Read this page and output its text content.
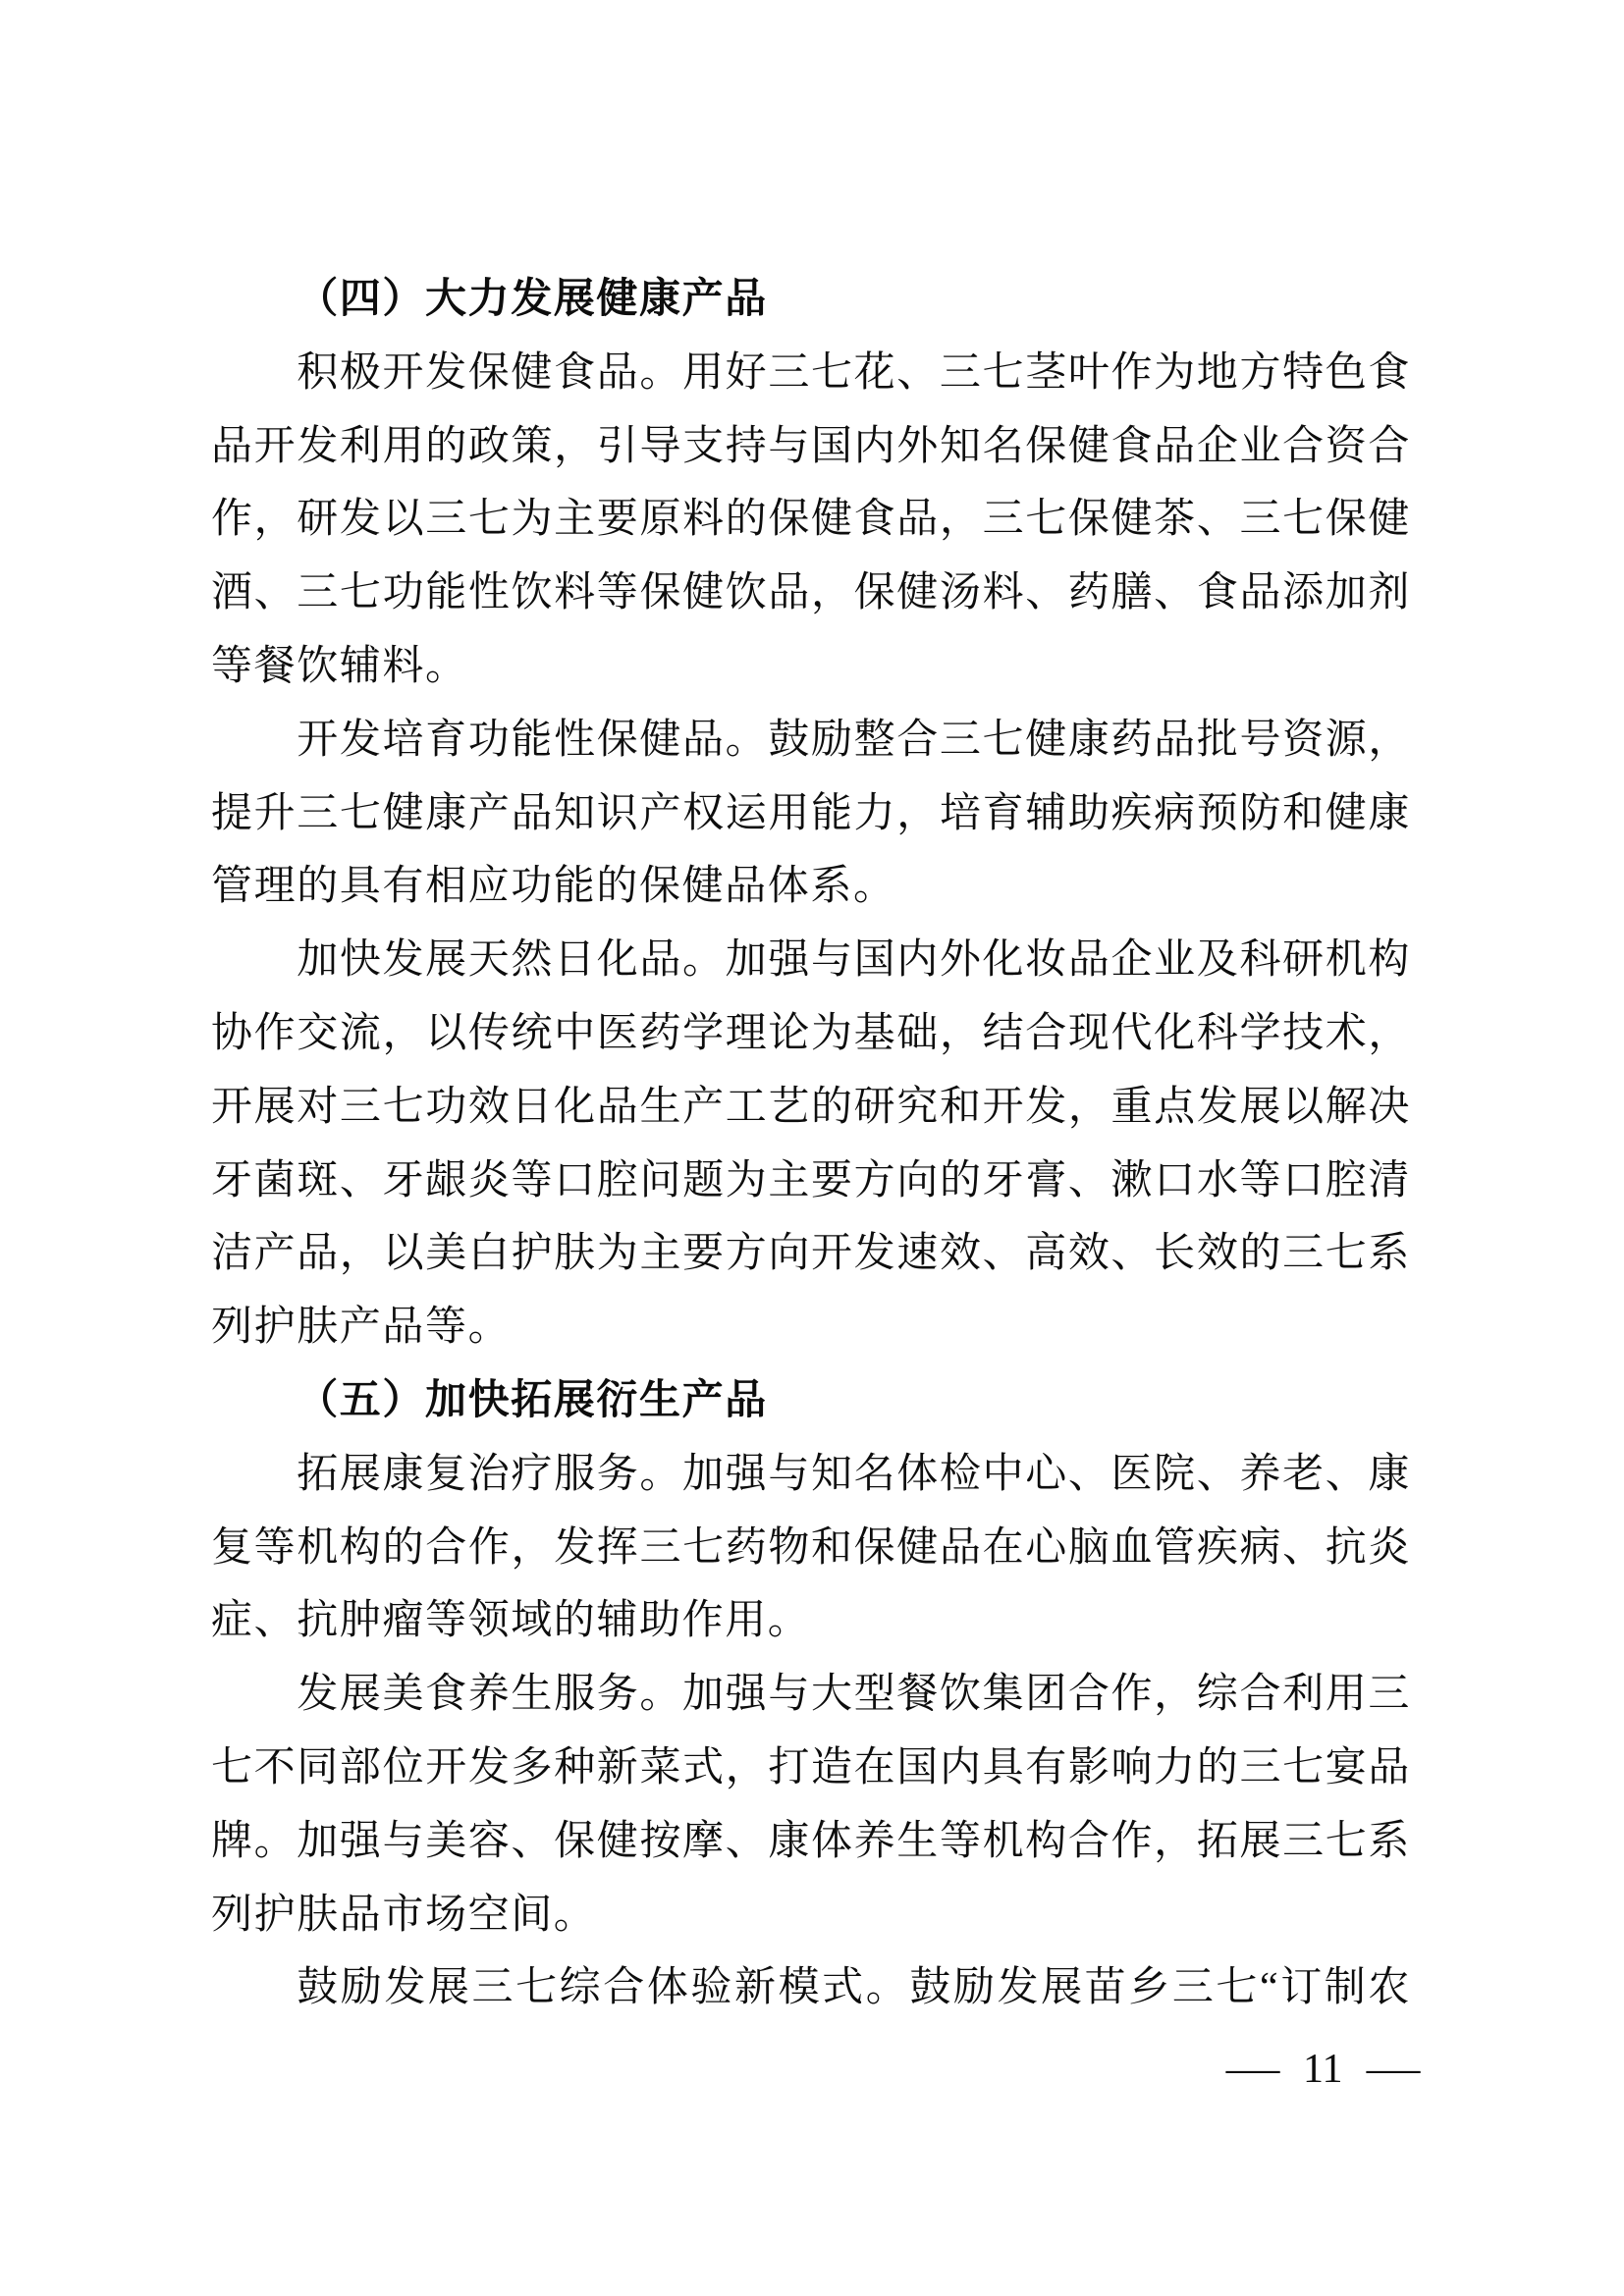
（四）大力发展健康产品
积极开发保健食品。用好三七花、三七茎叶作为地方特色食
品开发利用的政策，引导支持与国内外知名保健食品企业合资合
作，研发以三七为主要原料的保健食品，三七保健茶、三七保健
酒、三七功能性饮料等保健饮品，保健汤料、药膳、食品添加剂
等餐饮辅料。
开发培育功能性保健品。鼓励整合三七健康药品批号资源，
提升三七健康产品知识产权运用能力，培育辅助疾病预防和健康
管理的具有相应功能的保健品体系。
加快发展天然日化品。加强与国内外化妆品企业及科研机构
协作交流，以传统中医药学理论为基础，结合现代化科学技术，
开展对三七功效日化品生产工艺的研究和开发，重点发展以解决
牙菌斑、牙龈炎等口腔问题为主要方向的牙膏、漱口水等口腔清
洁产品，以美白护肤为主要方向开发速效、高效、长效的三七系
列护肤产品等。
（五）加快拓展衍生产品
拓展康复治疗服务。加强与知名体检中心、医院、养老、康
复等机构的合作，发挥三七药物和保健品在心脑血管疾病、抗炎
症、抗肿瘤等领域的辅助作用。
发展美食养生服务。加强与大型餐饮集团合作，综合利用三
七不同部位开发多种新菜式，打造在国内具有影响力的三七宴品
牌。加强与美容、保健按摩、康体养生等机构合作，拓展三七系
列护肤品市场空间。
鼓励发展三七综合体验新模式。鼓励发展苗乡三七“订制农
— 11 —
